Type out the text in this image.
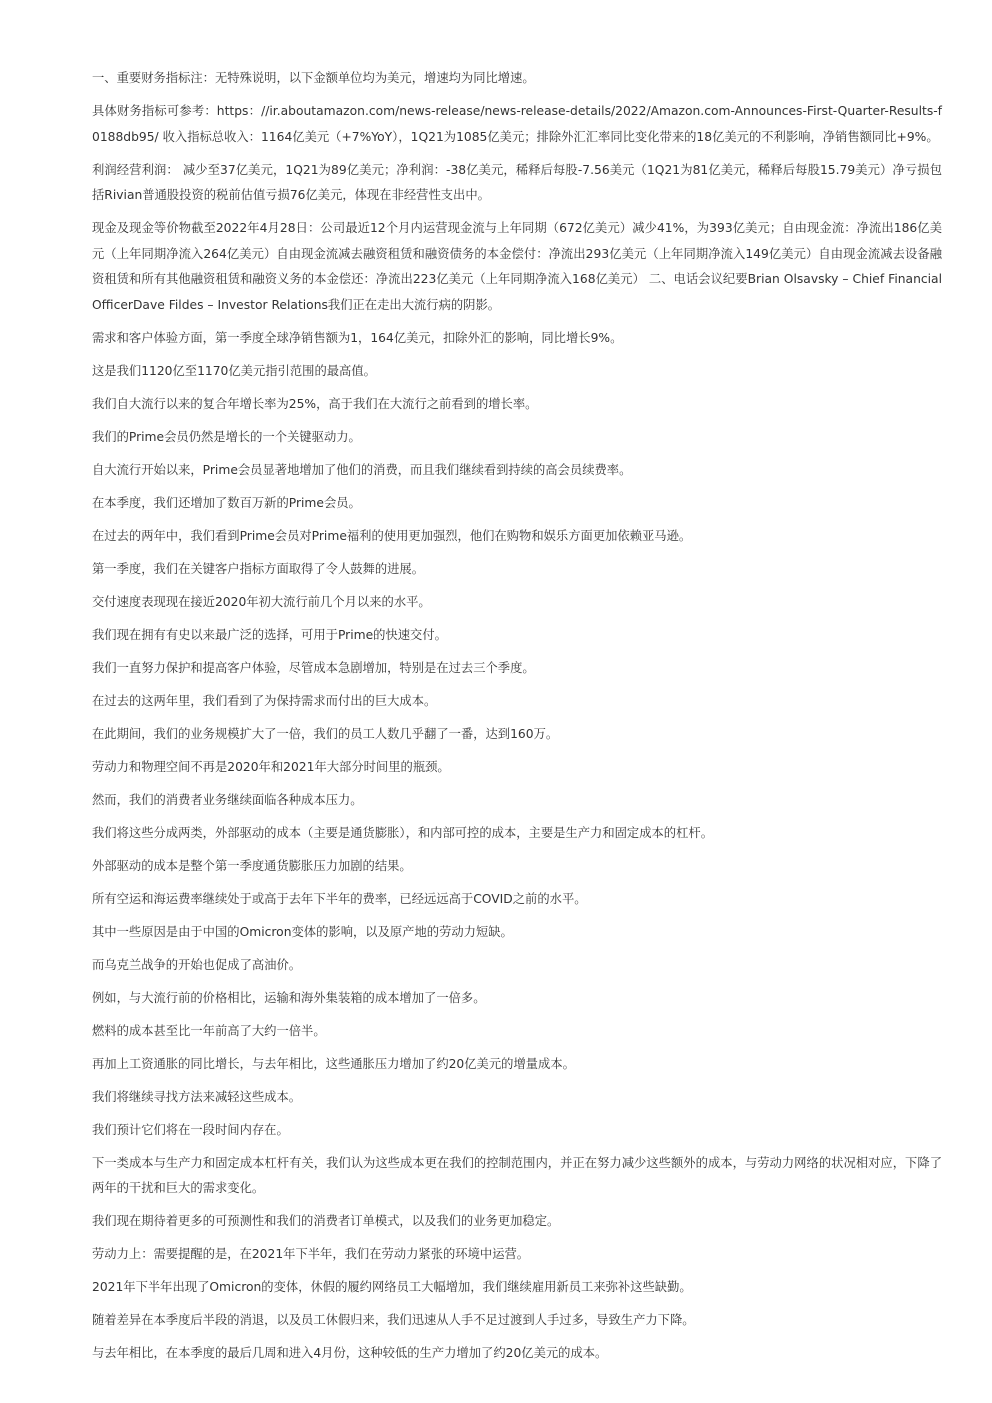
一、重要财务指标注：无特殊说明，以下金额单位均为美元，增速均为同比增速。

具体财务指标可参考：https：//ir.aboutamazon.com/news-release/news-release-details/2022/Amazon.com-Announces-First-Quarter-Results-f0188db95/ 收入指标总收入：1164亿美元（+7%YoY），1Q21为1085亿美元；排除外汇汇率同比变化带来的18亿美元的不利影响，净销售额同比+9%。

利润经营利润： 减少至37亿美元，1Q21为89亿美元；净利润：-38亿美元，稀释后每股-7.56美元（1Q21为81亿美元，稀释后每股15.79美元）净亏损包括Rivian普通股投资的税前估值亏损76亿美元，体现在非经营性支出中。

现金及现金等价物截至2022年4月28日：公司最近12个月内运营现金流与上年同期（672亿美元）减少41%，为393亿美元；自由现金流：净流出186亿美元（上年同期净流入264亿美元）自由现金流减去融资租赁和融资债务的本金偿付：净流出293亿美元（上年同期净流入149亿美元）自由现金流减去设备融资租赁和所有其他融资租赁和融资义务的本金偿还：净流出223亿美元（上年同期净流入168亿美元） 二、电话会议纪要Brian Olsavsky – Chief Financial OfficerDave Fildes – Investor Relations我们正在走出大流行病的阴影。

需求和客户体验方面，第一季度全球净销售额为1，164亿美元，扣除外汇的影响，同比增长9%。

这是我们1120亿至1170亿美元指引范围的最高值。

我们自大流行以来的复合年增长率为25%，高于我们在大流行之前看到的增长率。

我们的Prime会员仍然是增长的一个关键驱动力。

自大流行开始以来，Prime会员显著地增加了他们的消费，而且我们继续看到持续的高会员续费率。

在本季度，我们还增加了数百万新的Prime会员。

在过去的两年中，我们看到Prime会员对Prime福利的使用更加强烈，他们在购物和娱乐方面更加依赖亚马逊。

第一季度，我们在关键客户指标方面取得了令人鼓舞的进展。

交付速度表现现在接近2020年初大流行前几个月以来的水平。

我们现在拥有有史以来最广泛的选择，可用于Prime的快速交付。

我们一直努力保护和提高客户体验，尽管成本急剧增加，特别是在过去三个季度。

在过去的这两年里，我们看到了为保持需求而付出的巨大成本。

在此期间，我们的业务规模扩大了一倍，我们的员工人数几乎翻了一番，达到160万。

劳动力和物理空间不再是2020年和2021年大部分时间里的瓶颈。

然而，我们的消费者业务继续面临各种成本压力。

我们将这些分成两类，外部驱动的成本（主要是通货膨胀），和内部可控的成本，主要是生产力和固定成本的杠杆。

外部驱动的成本是整个第一季度通货膨胀压力加剧的结果。

所有空运和海运费率继续处于或高于去年下半年的费率，已经远远高于COVID之前的水平。

其中一些原因是由于中国的Omicron变体的影响，以及原产地的劳动力短缺。

而乌克兰战争的开始也促成了高油价。

例如，与大流行前的价格相比，运输和海外集装箱的成本增加了一倍多。

燃料的成本甚至比一年前高了大约一倍半。

再加上工资通胀的同比增长，与去年相比，这些通胀压力增加了约20亿美元的增量成本。

我们将继续寻找方法来减轻这些成本。

我们预计它们将在一段时间内存在。

下一类成本与生产力和固定成本杠杆有关，我们认为这些成本更在我们的控制范围内，并正在努力减少这些额外的成本，与劳动力网络的状况相对应，下降了两年的干扰和巨大的需求变化。

我们现在期待着更多的可预测性和我们的消费者订单模式，以及我们的业务更加稳定。

劳动力上：需要提醒的是，在2021年下半年，我们在劳动力紧张的环境中运营。

2021年下半年出现了Omicron的变体，休假的履约网络员工大幅增加，我们继续雇用新员工来弥补这些缺勤。

随着差异在本季度后半段的消退，以及员工休假归来，我们迅速从人手不足过渡到人手过多，导致生产力下降。

与去年相比，在本季度的最后几周和进入4月份，这种较低的生产力增加了约20亿美元的成本。
